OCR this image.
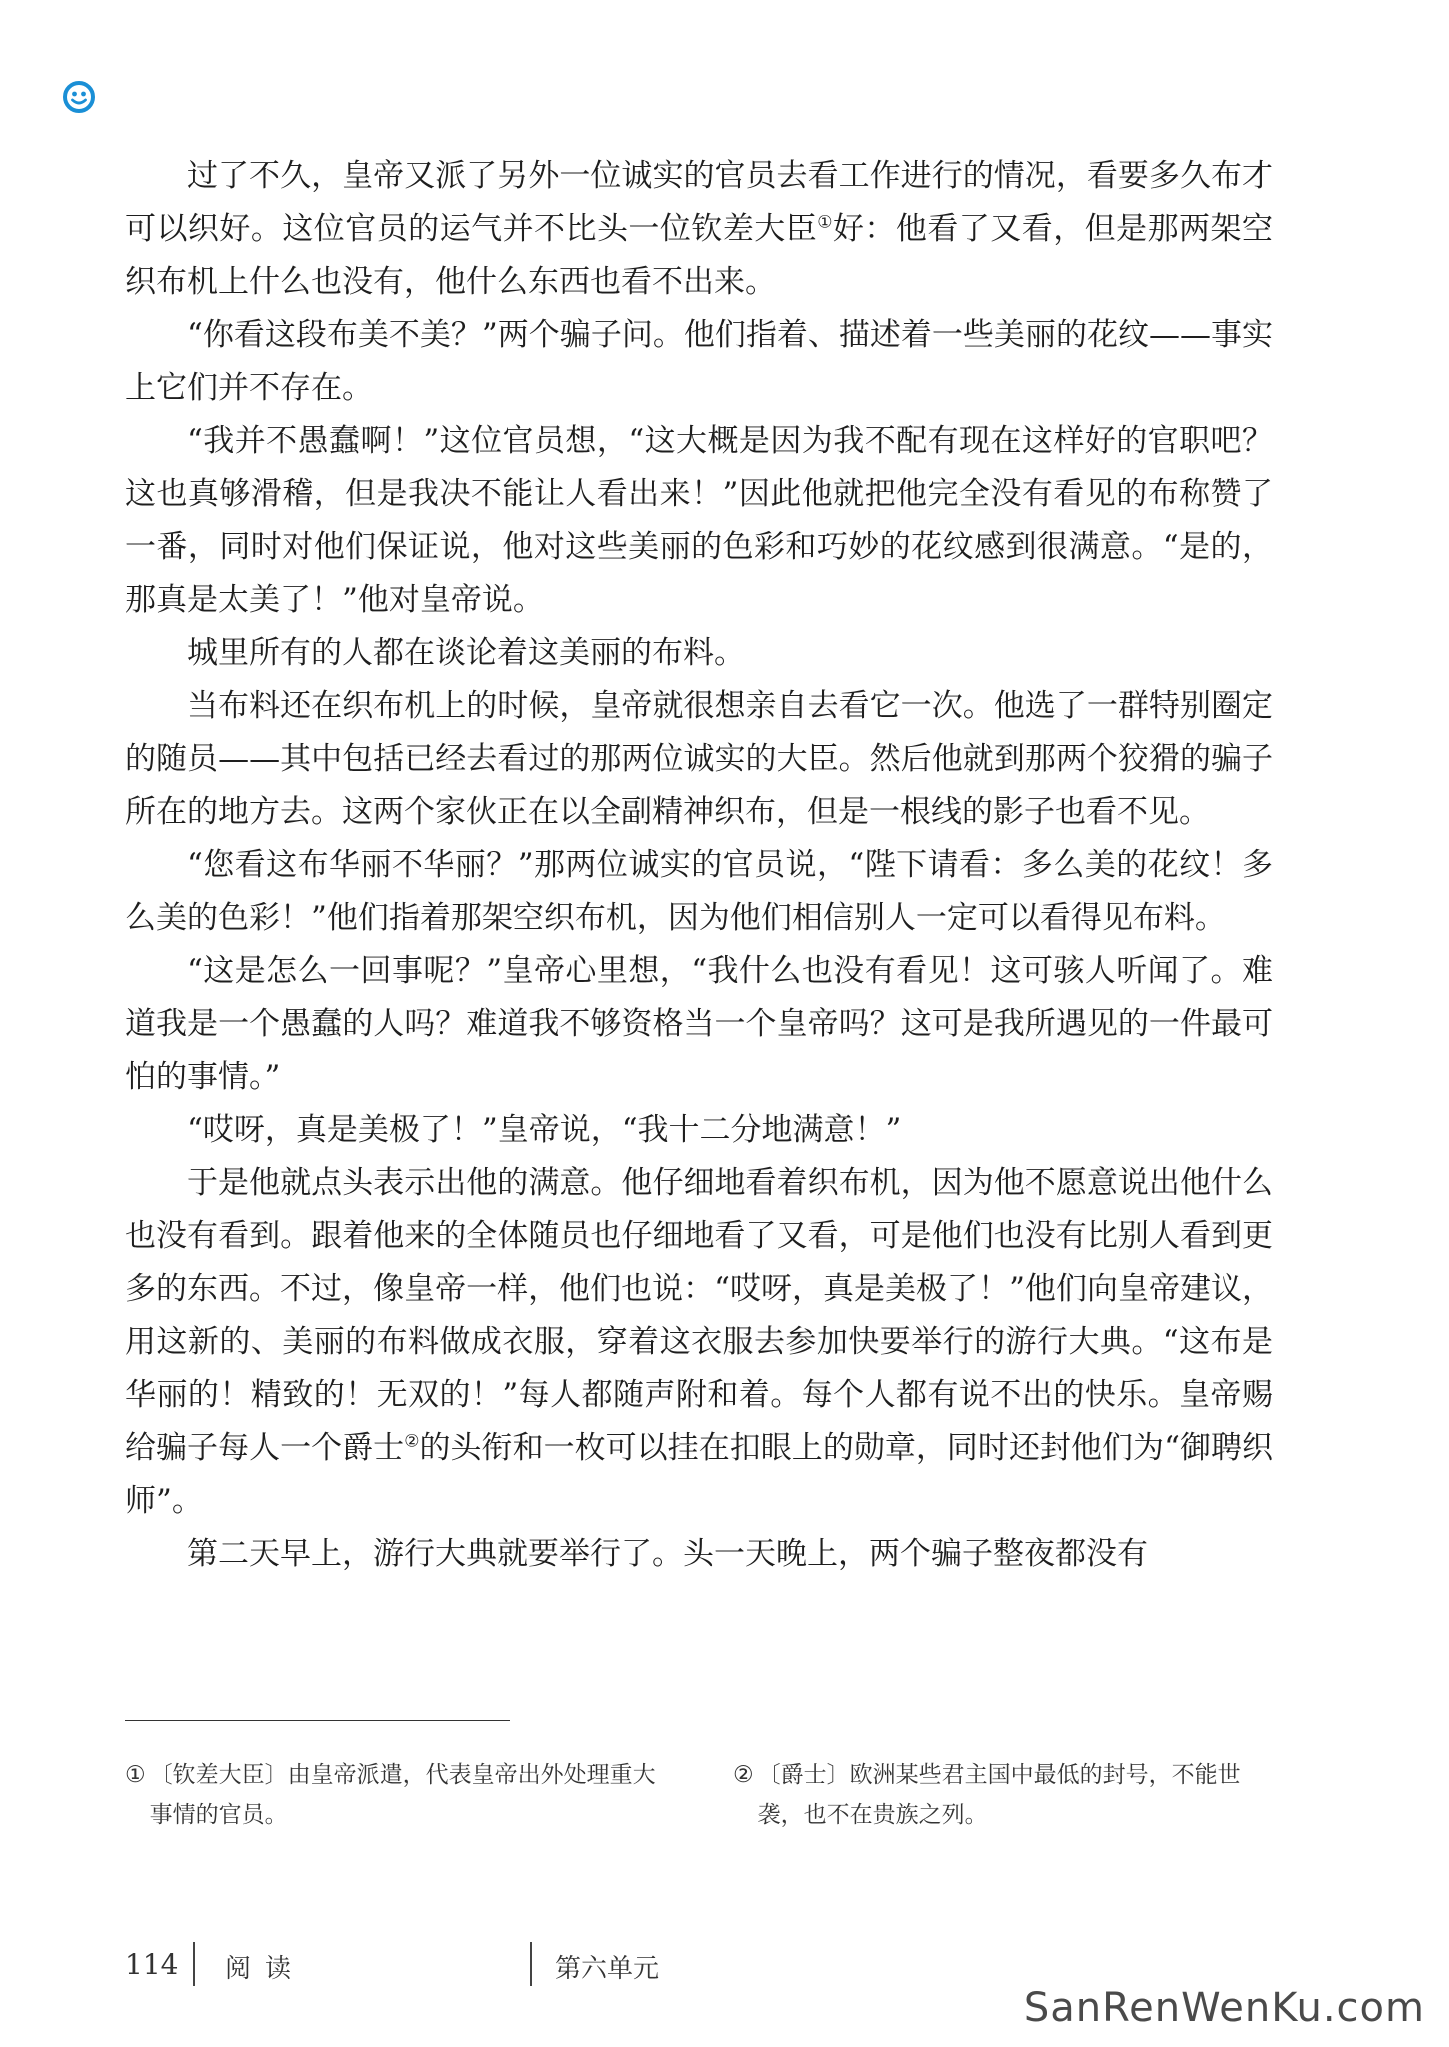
过了不久，皇帝又派了另外一位诚实的官员去看工作进行的情况，看要多久布才可以织好。这位官员的运气并不比头一位钦差大臣①好：他看了又看，但是那两架空织布机上什么也没有，他什么东西也看不出来。

“你看这段布美不美？”两个骗子问。他们指着、描述着一些美丽的花纹——事实上它们并不存在。

“我并不愚蠢啊！”这位官员想，“这大概是因为我不配有现在这样好的官职吧？这也真够滑稽，但是我决不能让人看出来！”因此他就把他完全没有看见的布称赞了一番，同时对他们保证说，他对这些美丽的色彩和巧妙的花纹感到很满意。“是的，那真是太美了！”他对皇帝说。

城里所有的人都在谈论着这美丽的布料。

当布料还在织布机上的时候，皇帝就很想亲自去看它一次。他选了一群特别圈定的随员——其中包括已经去看过的那两位诚实的大臣。然后他就到那两个狡猾的骗子所在的地方去。这两个家伙正在以全副精神织布，但是一根线的影子也看不见。

“您看这布华丽不华丽？”那两位诚实的官员说，“陛下请看：多么美的花纹！多么美的色彩！”他们指着那架空织布机，因为他们相信别人一定可以看得见布料。

“这是怎么一回事呢？”皇帝心里想，“我什么也没有看见！这可骇人听闻了。难道我是一个愚蠢的人吗？难道我不够资格当一个皇帝吗？这可是我所遇见的一件最可怕的事情。”

“哎呀，真是美极了！”皇帝说，“我十二分地满意！”

于是他就点头表示出他的满意。他仔细地看着织布机，因为他不愿意说出他什么也没有看到。跟着他来的全体随员也仔细地看了又看，可是他们也没有比别人看到更多的东西。不过，像皇帝一样，他们也说：“哎呀，真是美极了！”他们向皇帝建议，用这新的、美丽的布料做成衣服，穿着这衣服去参加快要举行的游行大典。“这布是华丽的！精致的！无双的！”每人都随声附和着。每个人都有说不出的快乐。皇帝赐给骗子每人一个爵士②的头衔和一枚可以挂在扣眼上的勋章，同时还封他们为“御聘织师”。

第二天早上，游行大典就要举行了。头一天晚上，两个骗子整夜都没有

① 〔钦差大臣〕由皇帝派遣，代表皇帝出外处理重大事情的官员。
② 〔爵士〕欧洲某些君主国中最低的封号，不能世袭，也不在贵族之列。
114 阅读	第六单元
SanRenWenKu.com
